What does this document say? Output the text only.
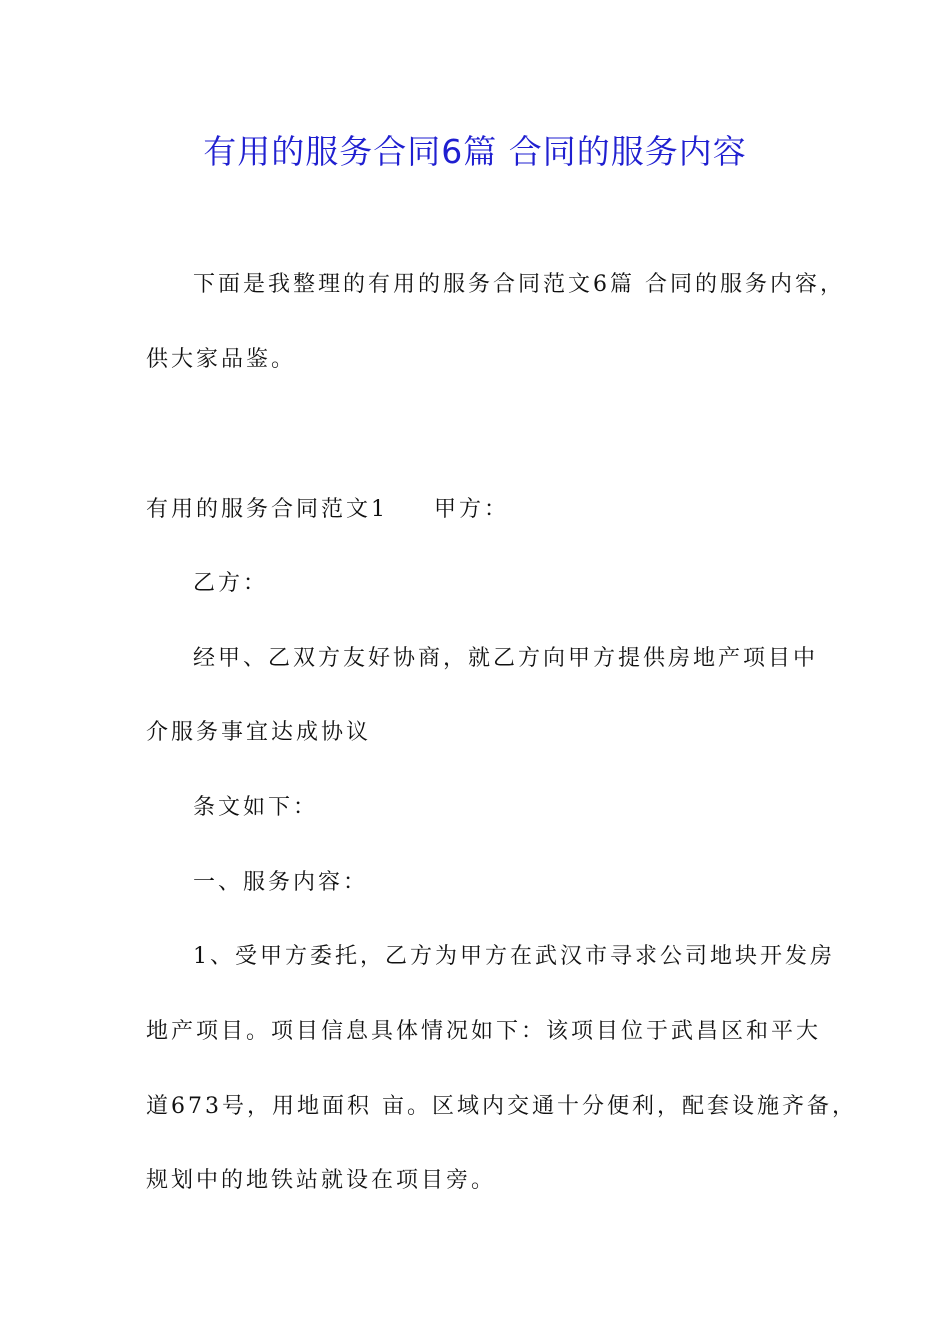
有用的服务合同6篇 合同的服务内容
下面是我整理的有用的服务合同范文6篇 合同的服务内容，
供大家品鉴。
有用的服务合同范文1 甲方：
乙方：
经甲、乙双方友好协商，就乙方向甲方提供房地产项目中
介服务事宜达成协议
条文如下：
一、服务内容：
1、受甲方委托，乙方为甲方在武汉市寻求公司地块开发房
地产项目。项目信息具体情况如下：该项目位于武昌区和平大
道673号，用地面积 亩。区域内交通十分便利，配套设施齐备，
规划中的地铁站就设在项目旁。
